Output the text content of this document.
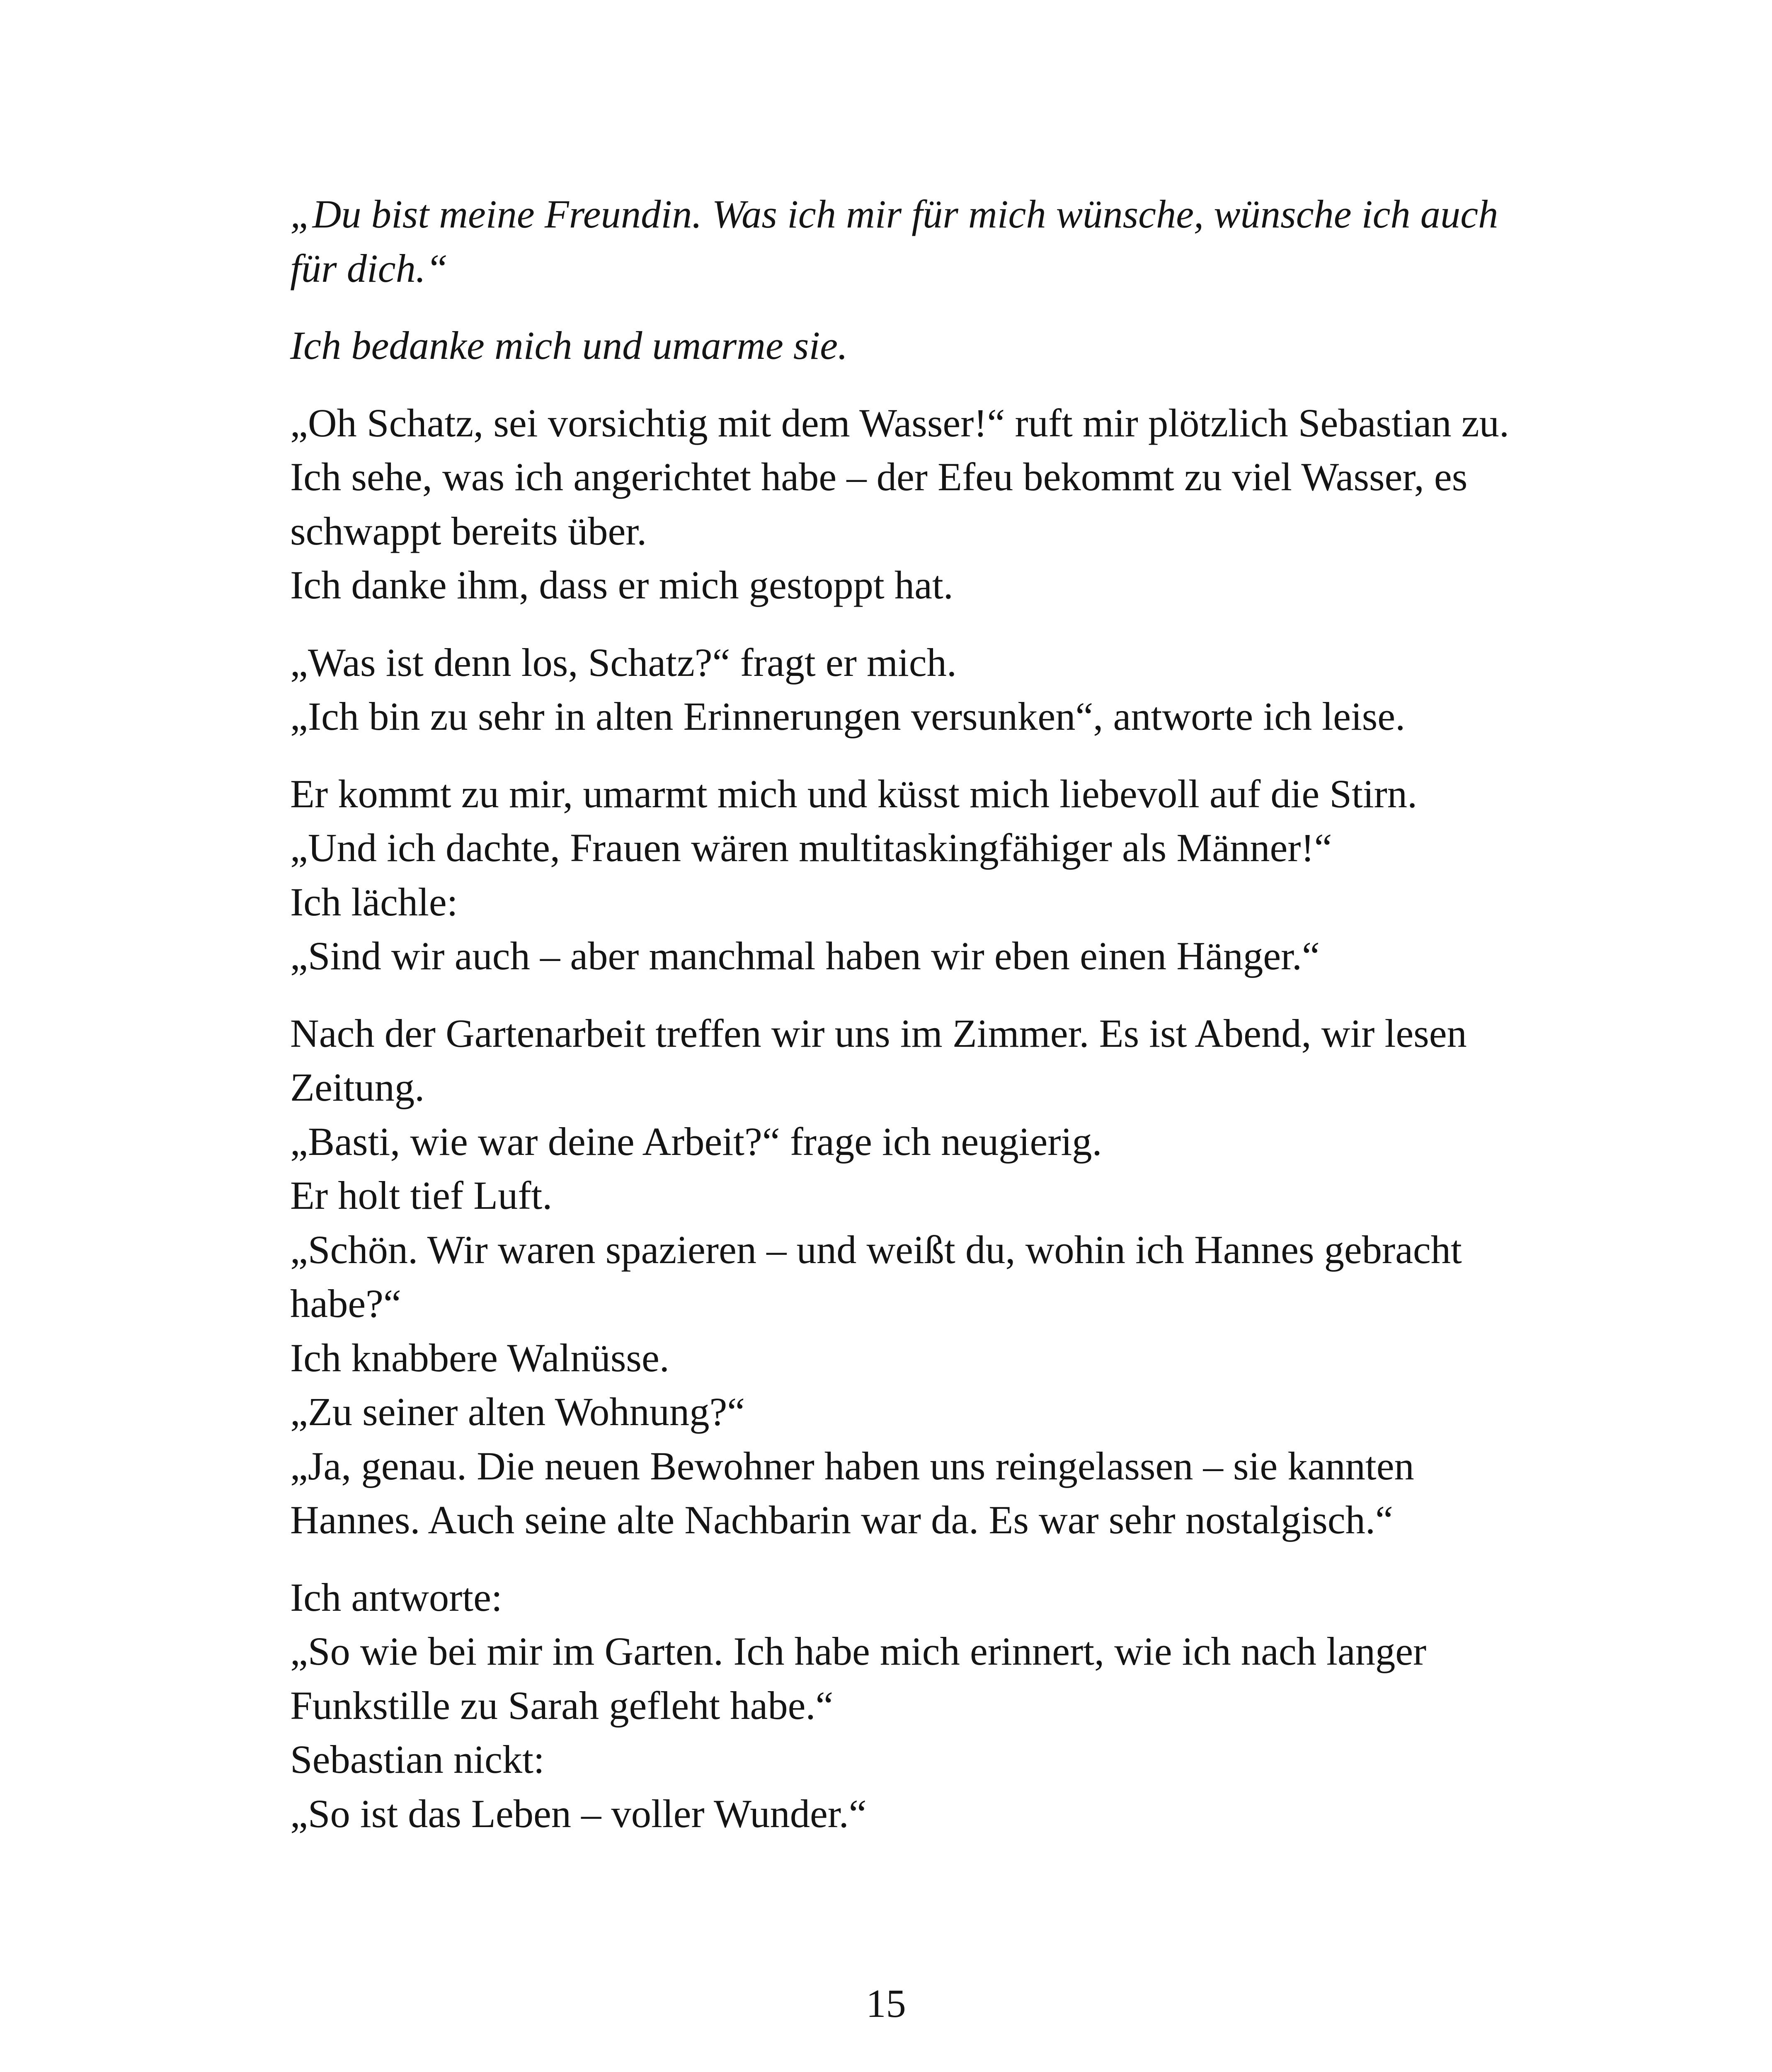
„Du bist meine Freundin. Was ich mir für mich wünsche, wünsche ich auch
für dich.“

Ich bedanke mich und umarme sie.

„Oh Schatz, sei vorsichtig mit dem Wasser!“ ruft mir plötzlich Sebastian zu.
Ich sehe, was ich angerichtet habe – der Efeu bekommt zu viel Wasser, es
schwappt bereits über.
Ich danke ihm, dass er mich gestoppt hat.

„Was ist denn los, Schatz?“ fragt er mich.
„Ich bin zu sehr in alten Erinnerungen versunken“, antworte ich leise.

Er kommt zu mir, umarmt mich und küsst mich liebevoll auf die Stirn.
„Und ich dachte, Frauen wären multitaskingfähiger als Männer!“
Ich lächle:
„Sind wir auch – aber manchmal haben wir eben einen Hänger.“

Nach der Gartenarbeit treffen wir uns im Zimmer. Es ist Abend, wir lesen
Zeitung.
„Basti, wie war deine Arbeit?“ frage ich neugierig.
Er holt tief Luft.
„Schön. Wir waren spazieren – und weißt du, wohin ich Hannes gebracht
habe?“
Ich knabbere Walnüsse.
„Zu seiner alten Wohnung?“
„Ja, genau. Die neuen Bewohner haben uns reingelassen – sie kannten
Hannes. Auch seine alte Nachbarin war da. Es war sehr nostalgisch.“

Ich antworte:
„So wie bei mir im Garten. Ich habe mich erinnert, wie ich nach langer
Funkstille zu Sarah gefleht habe.“
Sebastian nickt:
„So ist das Leben – voller Wunder.“

15
